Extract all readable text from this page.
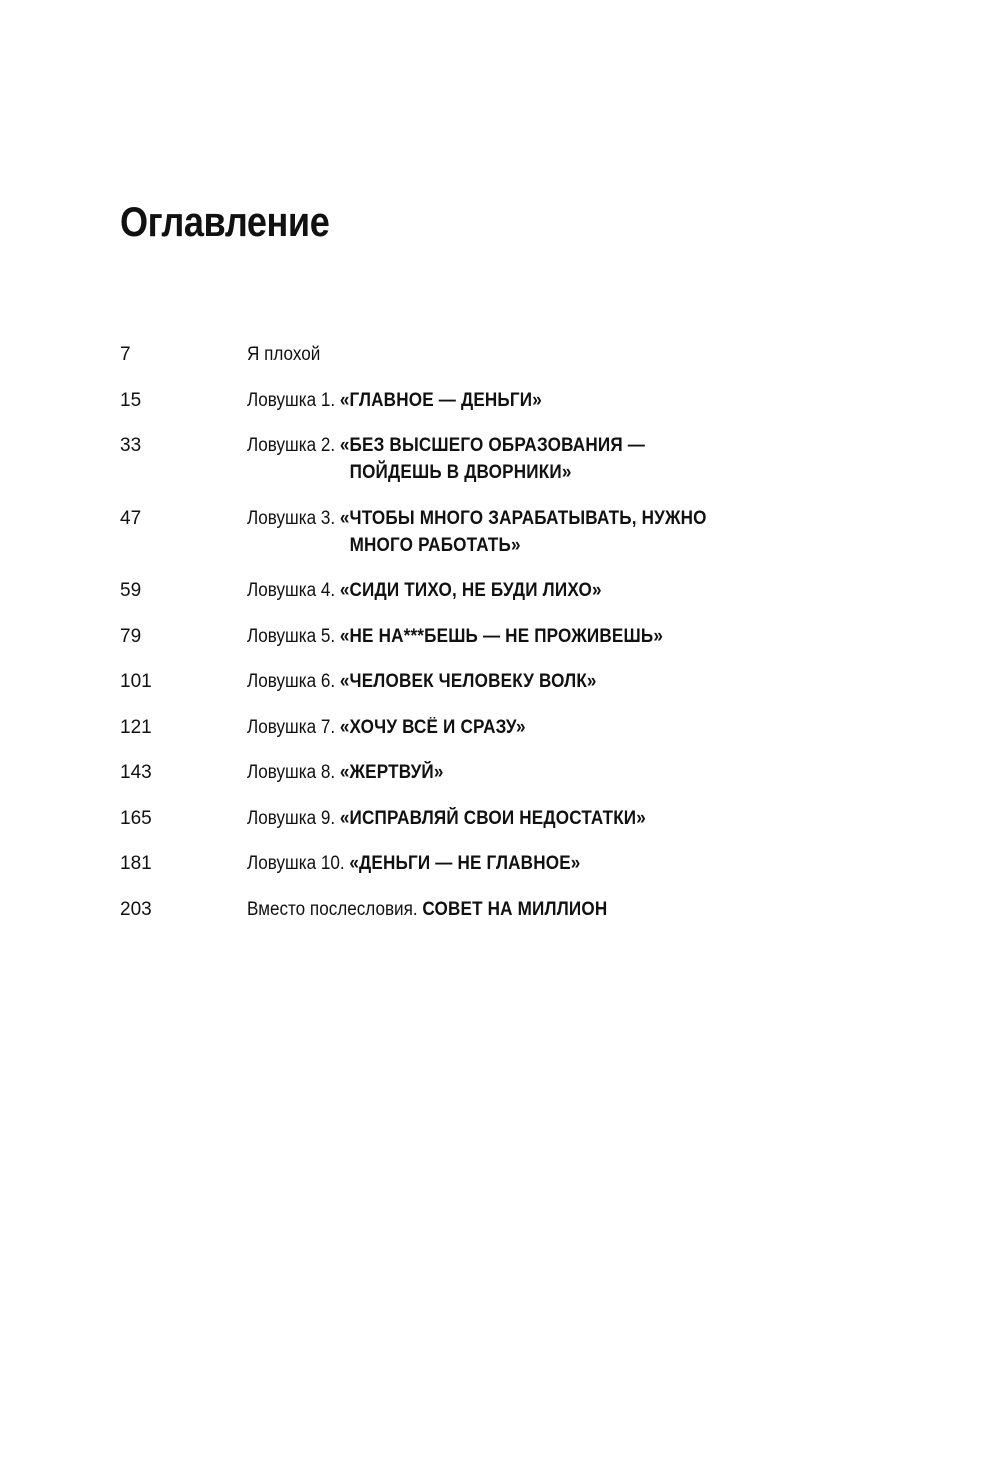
Оглавление
7	Я плохой
15	Ловушка 1. «ГЛАВНОЕ — ДЕНЬГИ»
33	Ловушка 2. «БЕЗ ВЫСШЕГО ОБРАЗОВАНИЯ —
ПОЙДЕШЬ В ДВОРНИКИ»
47	Ловушка 3. «ЧТОБЫ МНОГО ЗАРАБАТЫВАТЬ, НУЖНО
МНОГО РАБОТАТЬ»
59	Ловушка 4. «СИДИ ТИХО, НЕ БУДИ ЛИХО»
79	Ловушка 5. «НЕ НА***БЕШЬ — НЕ ПРОЖИВЕШЬ»
101	Ловушка 6. «ЧЕЛОВЕК ЧЕЛОВЕКУ ВОЛК»
121	Ловушка 7. «ХОЧУ ВСЁ И СРАЗУ»
143	Ловушка 8. «ЖЕРТВУЙ»
165	Ловушка 9. «ИСПРАВЛЯЙ СВОИ НЕДОСТАТКИ»
181	Ловушка 10. «ДЕНЬГИ — НЕ ГЛАВНОЕ»
203	Вместо послесловия. СОВЕТ НА МИЛЛИОН
